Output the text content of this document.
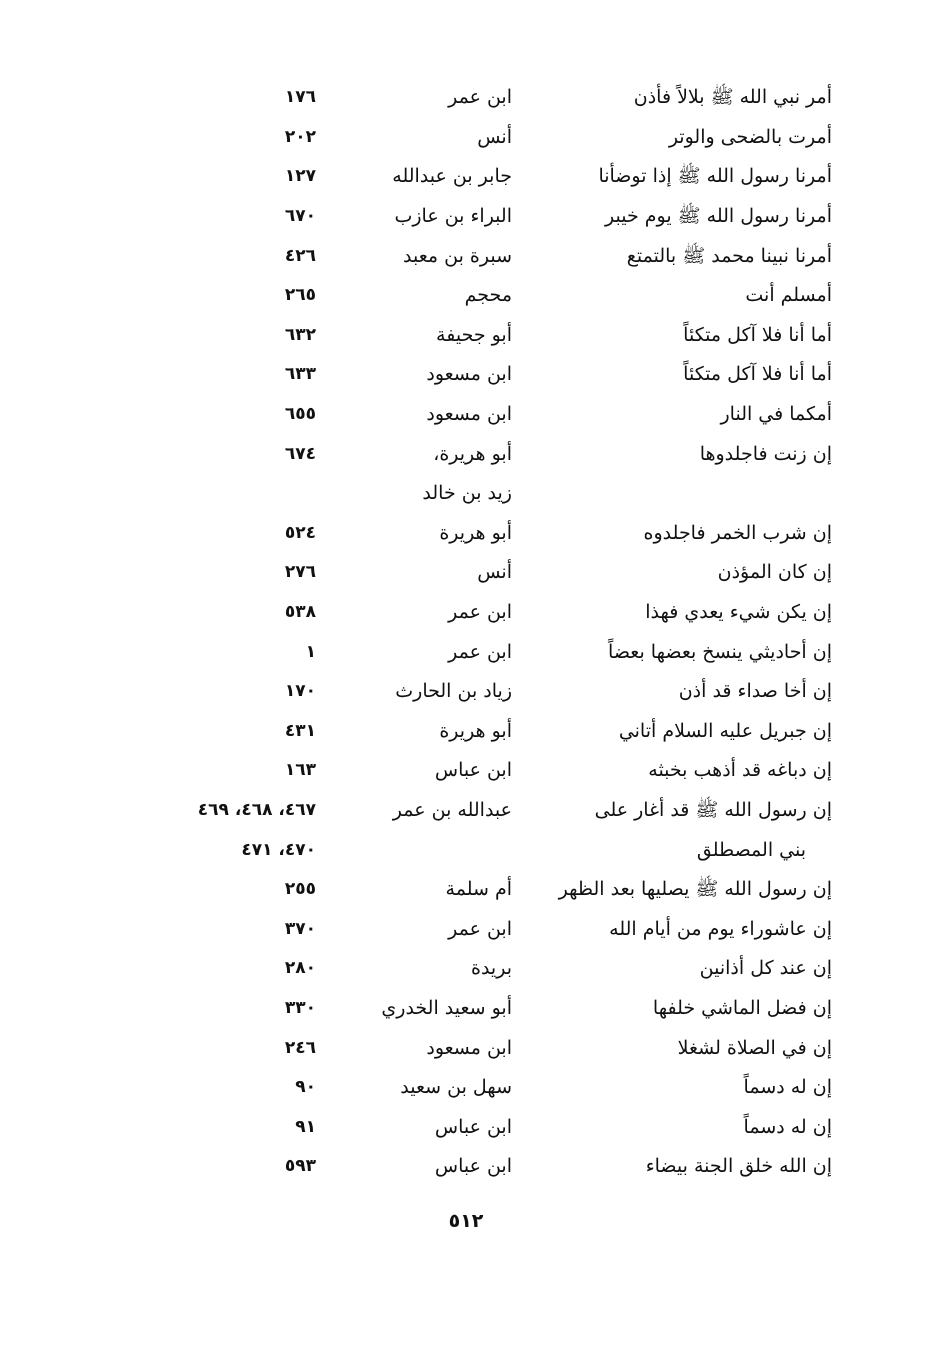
أمر نبي الله ﷺ بلالاً فأذن
ابن عمر
١٧٦
أمرت بالضحى والوتر
أنس
٢٠٢
أمرنا رسول الله ﷺ إذا توضأنا
جابر بن عبدالله
١٢٧
أمرنا رسول الله ﷺ يوم خيبر
البراء بن عازب
٦٧٠
أمرنا نبينا محمد ﷺ بالتمتع
سبرة بن معبد
٤٢٦
أمسلم أنت
محجم
٢٦٥
أما أنا فلا آكل متكئاً
أبو جحيفة
٦٣٢
أما أنا فلا آكل متكئاً
ابن مسعود
٦٣٣
أمكما في النار
ابن مسعود
٦٥٥
إن زنت فاجلدوها
أبو هريرة،
٦٧٤
زيد بن خالد
إن شرب الخمر فاجلدوه
أبو هريرة
٥٢٤
إن كان المؤذن
أنس
٢٧٦
إن يكن شيء يعدي فهذا
ابن عمر
٥٣٨
إن أحاديثي ينسخ بعضها بعضاً
ابن عمر
١
إن أخا صداء قد أذن
زياد بن الحارث
١٧٠
إن جبريل عليه السلام أتاني
أبو هريرة
٤٣١
إن دباغه قد أذهب بخبثه
ابن عباس
١٦٣
إن رسول الله ﷺ قد أغار على
عبدالله بن عمر
٤٦٧، ٤٦٨، ٤٦٩
بني المصطلق
٤٧٠، ٤٧١
إن رسول الله ﷺ يصليها بعد الظهر
أم سلمة
٢٥٥
إن عاشوراء يوم من أيام الله
ابن عمر
٣٧٠
إن عند كل أذانين
بريدة
٢٨٠
إن فضل الماشي خلفها
أبو سعيد الخدري
٣٣٠
إن في الصلاة لشغلا
ابن مسعود
٢٤٦
إن له دسماً
سهل بن سعيد
٩٠
إن له دسماً
ابن عباس
٩١
إن الله خلق الجنة بيضاء
ابن عباس
٥٩٣
٥١٢
